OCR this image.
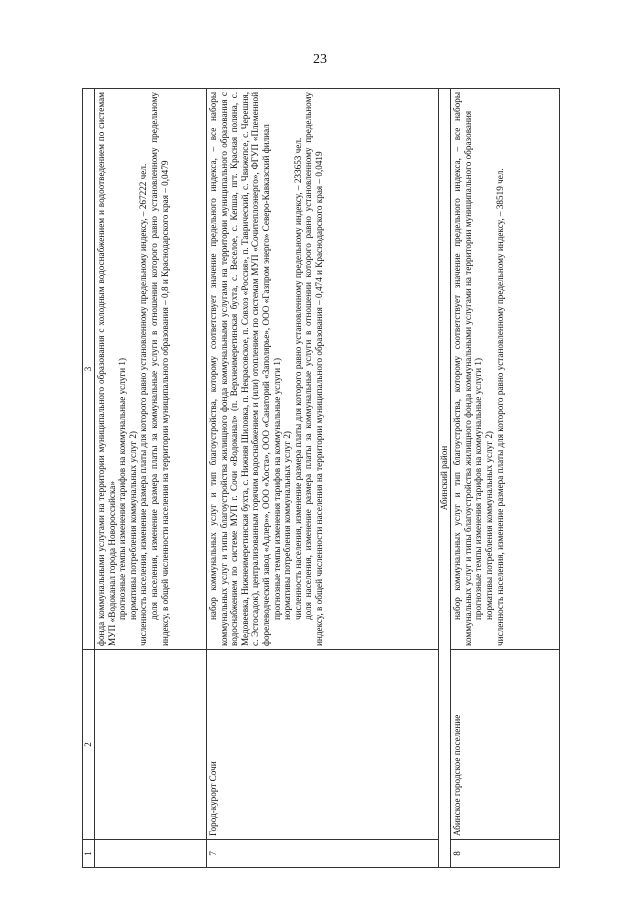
23
1	2	3

		фонда коммунальными услугами на территории муниципального образования с холодным водоснабжением и водоотведением по системам МУП «Водоканал города Новороссийска» прогнозные темпы изменения тарифов на коммунальные услуги 1) нормативы потребления коммунальных услуг 2) численность населения, изменение размера платы для которого равно установленному предельному индексу, – 267222 чел. доля населения, изменение размера платы за коммунальные услуги в отношении которого равно установленному предельному индексу, в общей численности населения на территории муниципального образования – 0,8 и Краснодарского края – 0,0479

7	Город-курорт Сочи	набор коммунальных услуг и тип благоустройства, которому соответствует значение предельного индекса, – все наборы коммунальных услуг и типы благоустройства жилищного фонда коммунальными услугами на территории муниципального образования с водоснабжением по системе МУП г. Сочи «Водоканал» (п. Верхнеимеретинская бухта, с. Веселое, с. Кепша, пгт. Красная поляна, с. Медовеевка, Нижнеимеретинская бухта, с. Нижняя Шиловка, п. Некрасовское, п. Совхоз «Россия», п. Тавричеcкий, с. Чвижепсе, с. Черешня, с. Эстосадок), централизованным горячим водоснабжением и (или) отоплением по системам МУП «Сочитеплоэнерго», ФГУП «Племенной форелеводческий завод «Адлер»», ООО «Хоста», ООО «Санаторий «Заполярье», ООО «Газпром энерго» Северо-Кавказский филиал прогнозные темпы изменения тарифов на коммунальные услуги 1) нормативы потребления коммунальных услуг 2) численность населения, изменение размера платы для которого равно установленному предельному индексу, – 233653 чел. доля населения, изменение размера платы за коммунальные услуги в отношении которого равно установленному предельному индексу, в общей численности населения на территории муниципального образования – 0,474 и Краснодарского края – 0,0419

Абинский район		
8	Абинское городское поселение	набор коммунальных услуг и тип благоустройства, которому соответствует значение предельного индекса, – все наборы коммунальных услуг и типы благоустройства жилищного фонда коммунальными услугами на территории муниципального образования прогнозные темпы изменения тарифов на коммунальные услуги 1) нормативы потребления коммунальных услуг 2) численность населения, изменение размера платы для которого равно установленному предельному индексу, – 38519 чел.
